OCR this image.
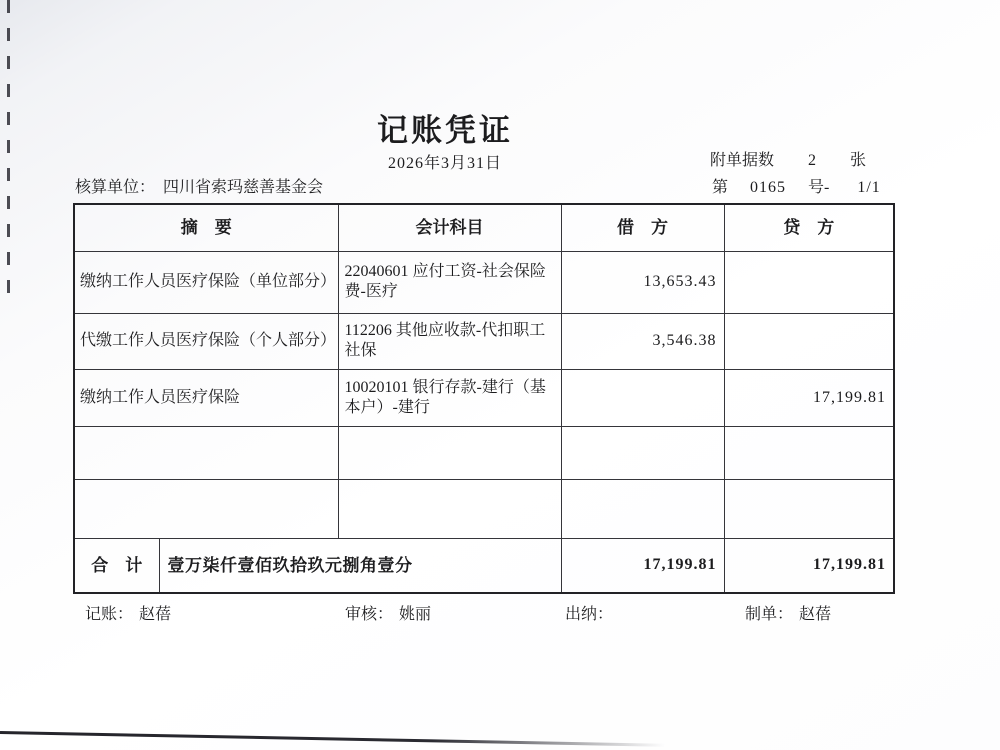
记账凭证
2026年3月31日	附单据数	2	张
第 0165 号- 1/1
核算单位： 四川省索玛慈善基金会
摘　要		会计科目	借　方	贷　方
缴纳工作人员医疗保险（单位部分）		22040601 应付工资-社会保险费-医疗	13,653.43	
代缴工作人员医疗保险（个人部分）		112206 其他应收款-代扣职工社保	3,546.38	
缴纳工作人员医疗保险		10020101 银行存款-建行（基本户）-建行		17,199.81

合　计	壹万柒仟壹佰玖拾玖元捌角壹分		17,199.81	17,199.81
记账： 赵蓓	审核： 姚丽	出纳：	制单： 赵蓓
